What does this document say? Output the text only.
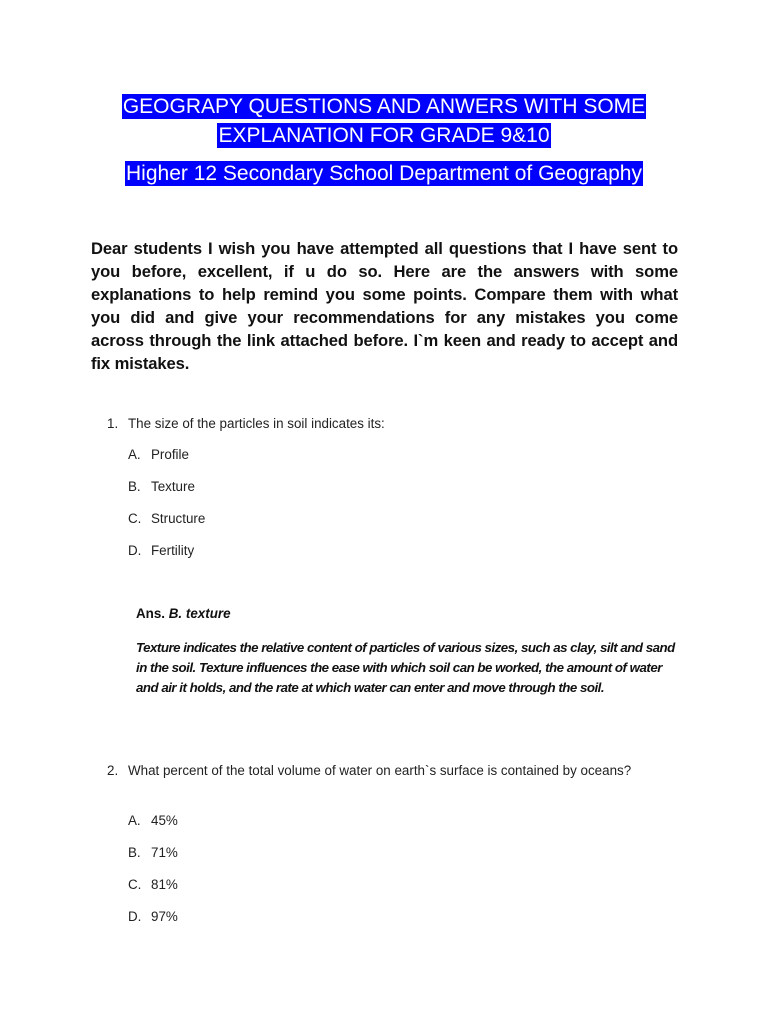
GEOGRAPY QUESTIONS AND ANWERS WITH SOME
EXPLANATION FOR GRADE 9&10
Higher 12 Secondary School Department of Geography
Dear students I wish you have attempted all questions that I have sent to you before, excellent, if u do so. Here are the answers with some explanations to help remind you some points. Compare them with what you did and give your recommendations for any mistakes you come across through the link attached before. I`m keen and ready to accept and fix mistakes.
1. The size of the particles in soil indicates its:
A. Profile
B. Texture
C. Structure
D. Fertility
Ans. B. texture
Texture indicates the relative content of particles of various sizes, such as clay, silt and sand in the soil. Texture influences the ease with which soil can be worked, the amount of water and air it holds, and the rate at which water can enter and move through the soil.
2. What percent of the total volume of water on earth`s surface is contained by oceans?
A. 45%
B. 71%
C. 81%
D. 97%
